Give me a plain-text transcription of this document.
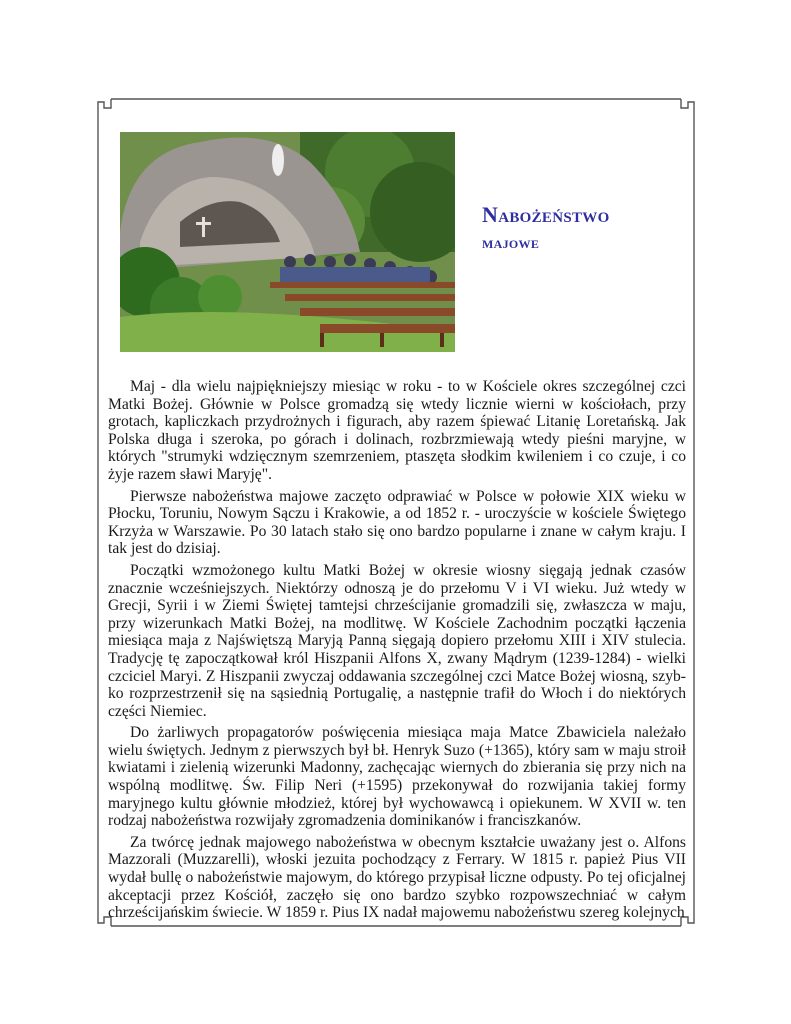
Nabożeństwo
majowe

Maj - dla wielu najpiękniejszy miesiąc w roku - to w Kościele okres szczególnej czci Matki Bożej. Głównie w Polsce gromadzą się wtedy licznie wierni w kościołach, przy grotach, kapliczkach przydrożnych i figurach, aby razem śpiewać Litanię Loretańską. Jak Polska długa i szeroka, po górach i dolinach, rozbrzmiewają wtedy pieśni maryjne, w których "strumyki wdzięcznym szemrzeniem, ptaszęta słodkim kwileniem i co czuje, i co żyje razem sławi Maryję".

Pierwsze nabożeństwa majowe zaczęto odprawiać w Polsce w połowie XIX wieku w Płocku, Toruniu, Nowym Sączu i Krakowie, a od 1852 r. - uroczyście w kościele Świętego Krzyża w Warszawie. Po 30 latach stało się ono bardzo popularne i znane w całym kraju. I tak jest do dzisiaj.

Początki wzmożonego kultu Matki Bożej w okresie wiosny sięgają jednak czasów znacznie wcześniejszych. Niektórzy odnoszą je do przełomu V i VI wieku. Już wtedy w Grecji, Syrii i w Ziemi Świętej tamtejsi chrześcijanie gromadzili się, zwłaszcza w maju, przy wizerunkach Matki Bożej, na modlitwę. W Kościele Zachodnim początki łączenia miesiąca maja z Najświętszą Maryją Panną sięgają dopiero przełomu XIII i XIV stulecia. Tradycję tę zapoczątkował król Hiszpanii Alfons X, zwany Mądrym (1239-1284) - wielki czciciel Maryi. Z Hiszpanii zwyczaj oddawania szczególnej czci Matce Bożej wiosną, szybko rozprzestrzenił się na sąsiednią Portugalię, a następnie trafił do Włoch i do niektórych części Niemiec.

Do żarliwych propagatorów poświęcenia miesiąca maja Matce Zbawiciela należało wielu świętych. Jednym z pierwszych był bł. Henryk Suzo (+1365), który sam w maju stroił kwiatami i zielenią wizerunki Madonny, zachęcając wiernych do zbierania się przy nich na wspólną modlitwę. Św. Filip Neri (+1595) przekonywał do rozwijania takiej formy maryjnego kultu głównie młodzież, której był wychowawcą i opiekunem. W XVII w. ten rodzaj nabożeństwa rozwijały zgromadzenia dominikanów i franciszkanów.

Za twórcę jednak majowego nabożeństwa w obecnym kształcie uważany jest o. Alfons Mazzorali (Muzzarelli), włoski jezuita pochodzący z Ferrary. W 1815 r. papież Pius VII wydał bullę o nabożeństwie majowym, do którego przypisał liczne odpusty. Po tej oficjalnej akceptacji przez Kościół, zaczęło się ono bardzo szybko rozpowszechniać w całym chrześcijańskim świecie. W 1859 r. Pius IX nadał majowemu nabożeństwu szereg kolejnych
